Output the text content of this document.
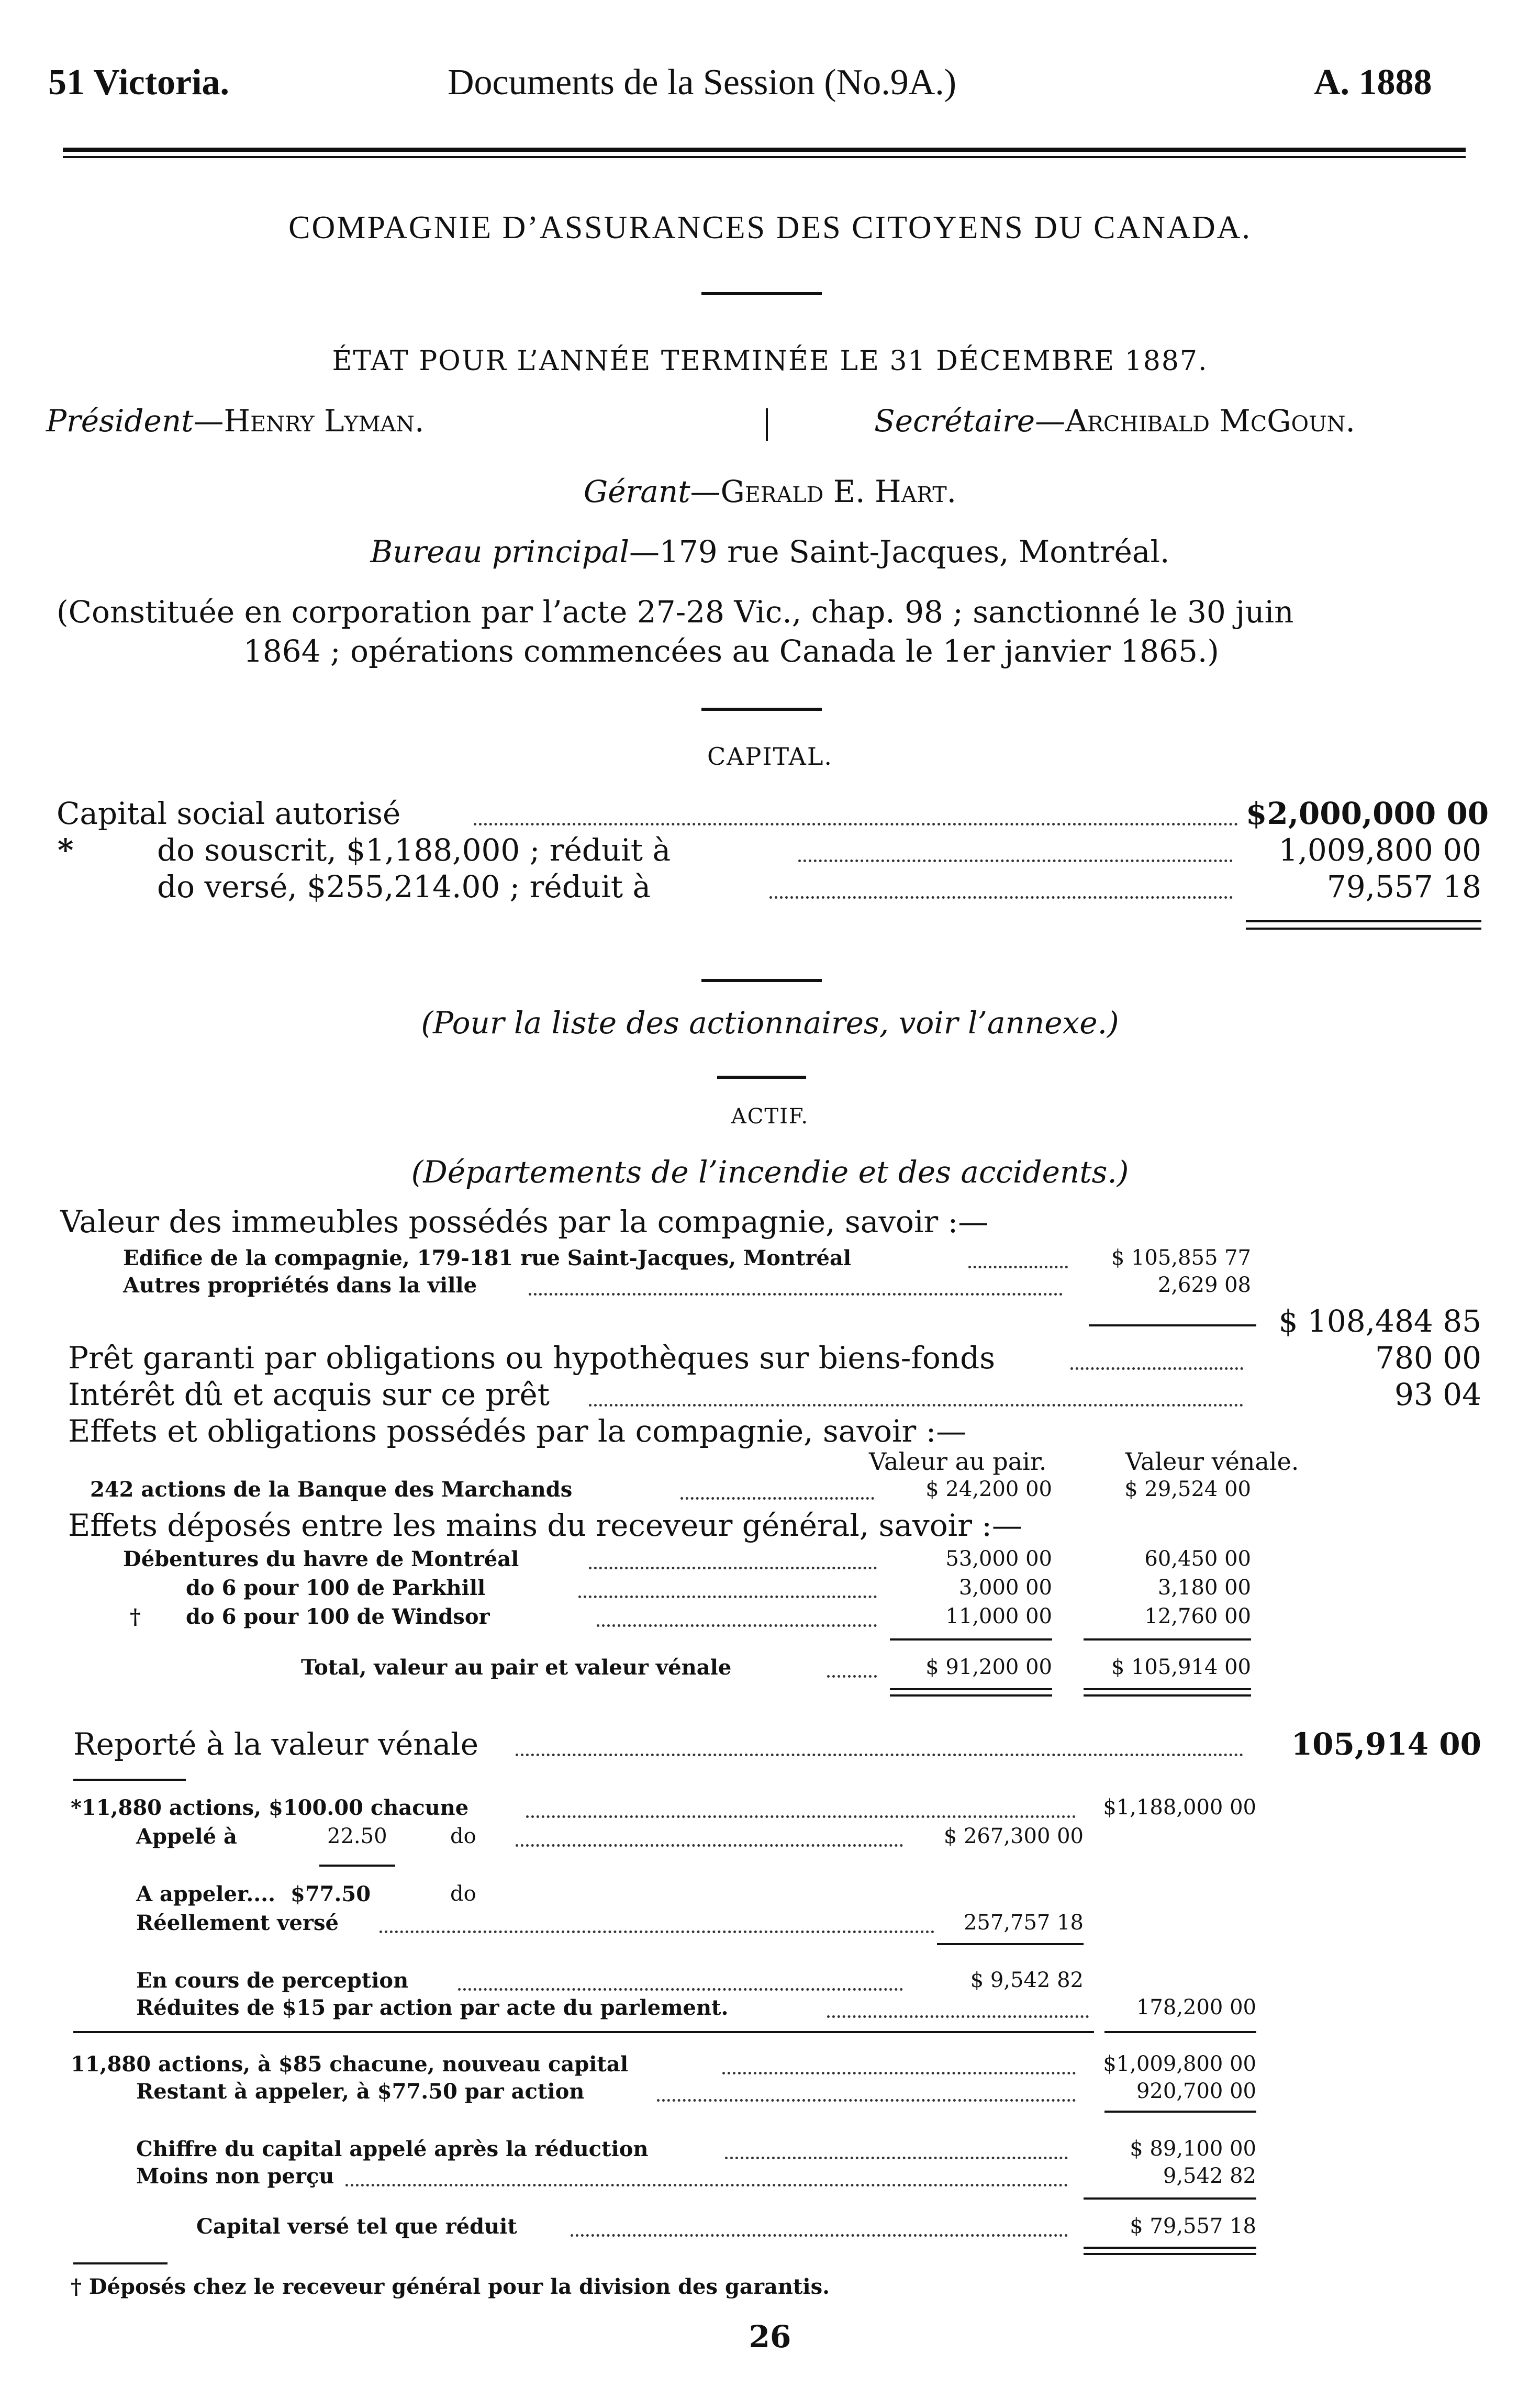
51 Victoria.	Documents de la Session (No.9A.)	A. 1888
COMPAGNIE D’ASSURANCES DES CITOYENS DU CANADA.
ÉTAT POUR L’ANNÉE TERMINÉE LE 31 DÉCEMBRE 1887.
Président—Henry Lyman.	Secrétaire—Archibald McGoun.
Gérant—Gerald E. Hart.
Bureau principal—179 rue Saint-Jacques, Montréal.
(Constituée en corporation par l’acte 27-28 Vic., chap. 98 ; sanctionné le 30 juin
1864 ; opérations commencées au Canada le 1er janvier 1865.)
CAPITAL.
Capital social autorisé	$2,000,000 00
*	do souscrit, $1,188,000 ; réduit à	1,009,800 00
do versé, $255,214.00 ; réduit à	79,557 18
(Pour la liste des actionnaires, voir l’annexe.)
ACTIF.
(Départements de l’incendie et des accidents.)
Valeur des immeubles possédés par la compagnie, savoir :—
Edifice de la compagnie, 179-181 rue Saint-Jacques, Montréal	$ 105,855 77
Autres propriétés dans la ville	2,629 08
$ 108,484 85
Prêt garanti par obligations ou hypothèques sur biens-fonds	780 00
Intérêt dû et acquis sur ce prêt	93 04
Effets et obligations possédés par la compagnie, savoir :—
Valeur au pair.	Valeur vénale.
242 actions de la Banque des Marchands	$ 24,200 00	$ 29,524 00
Effets déposés entre les mains du receveur général, savoir :—
Débentures du havre de Montréal	53,000 00	60,450 00
do 6 pour 100 de Parkhill	3,000 00	3,180 00
† do 6 pour 100 de Windsor	11,000 00	12,760 00
Total, valeur au pair et valeur vénale	$ 91,200 00	$ 105,914 00
Reporté à la valeur vénale	105,914 00
*11,880 actions, $100.00 chacune	$1,188,000 00
Appelé à	22.50	do	$ 267,300 00
A appeler.... $77.50	do
Réellement versé	257,757 18
En cours de perception	$ 9,542 82
Réduites de $15 par action par acte du parlement.	178,200 00
11,880 actions, à $85 chacune, nouveau capital	$1,009,800 00
Restant à appeler, à $77.50 par action	920,700 00
Chiffre du capital appelé après la réduction	$ 89,100 00
Moins non perçu	9,542 82
Capital versé tel que réduit	$ 79,557 18
† Déposés chez le receveur général pour la division des garantis.
26
